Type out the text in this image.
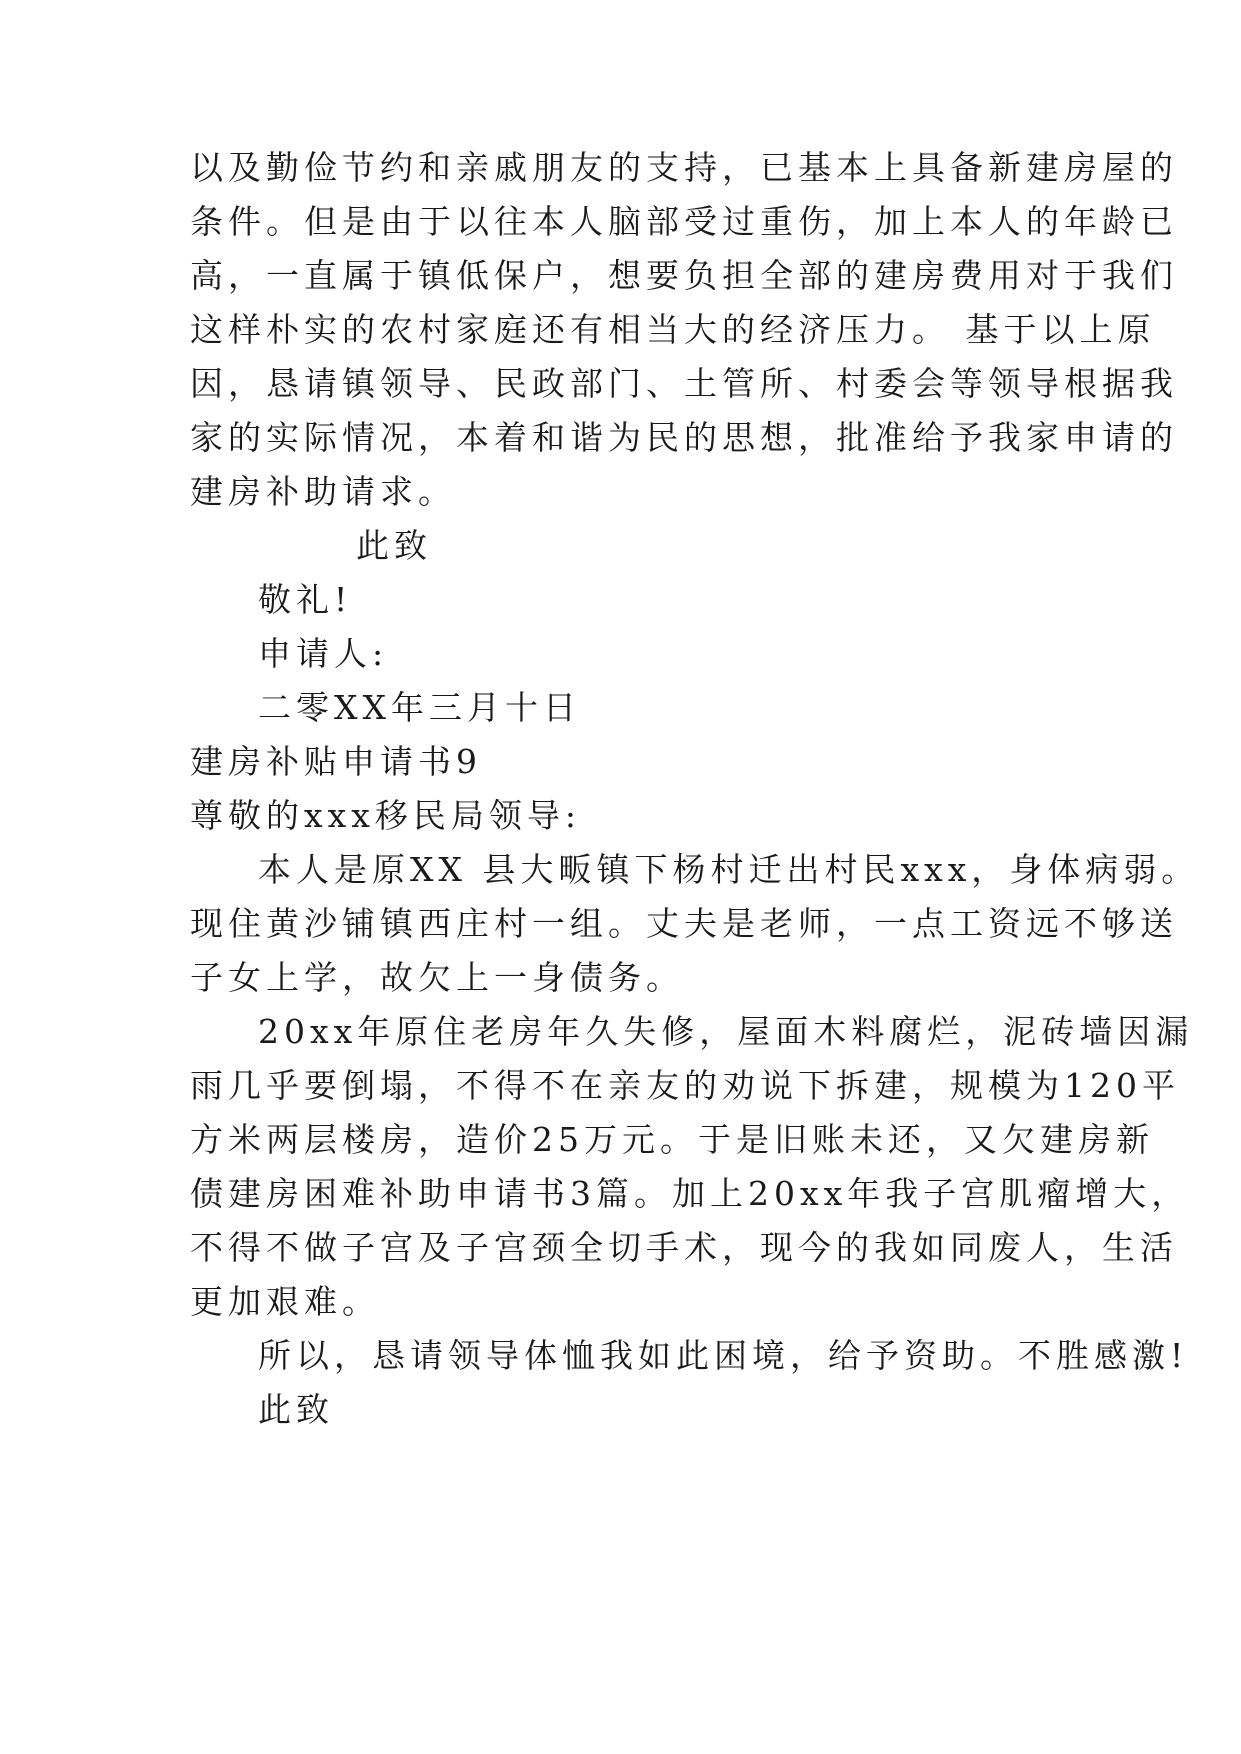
以及勤俭节约和亲戚朋友的支持，已基本上具备新建房屋的
条件。但是由于以往本人脑部受过重伤，加上本人的年龄已
高，一直属于镇低保户，想要负担全部的建房费用对于我们
这样朴实的农村家庭还有相当大的经济压力。 基于以上原
因，恳请镇领导、民政部门、土管所、村委会等领导根据我
家的实际情况，本着和谐为民的思想，批准给予我家申请的
建房补助请求。
此致
敬礼!
申请人:
二零XX年三月十日
建房补贴申请书9
尊敬的xxx移民局领导:
本人是原XX 县大畈镇下杨村迁出村民xxx，身体病弱。
现住黄沙铺镇西庄村一组。丈夫是老师，一点工资远不够送
子女上学，故欠上一身债务。
20xx年原住老房年久失修，屋面木料腐烂，泥砖墙因漏
雨几乎要倒塌，不得不在亲友的劝说下拆建，规模为120平
方米两层楼房，造价25万元。于是旧账未还，又欠建房新
债建房困难补助申请书3篇。加上20xx年我子宫肌瘤增大，
不得不做子宫及子宫颈全切手术，现今的我如同废人，生活
更加艰难。
所以，恳请领导体恤我如此困境，给予资助。不胜感激!
此致
